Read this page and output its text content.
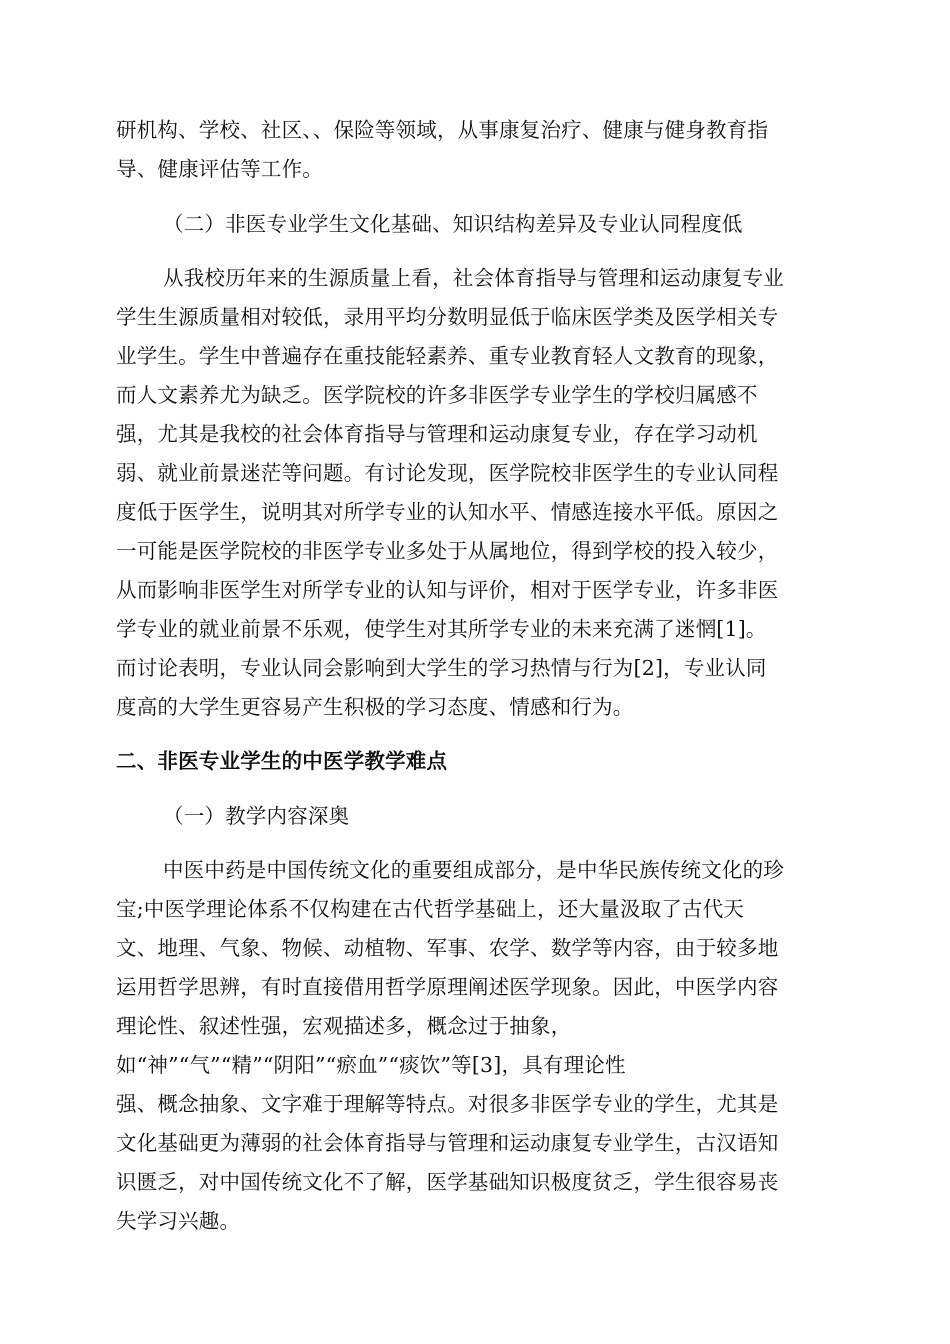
研机构、学校、社区、、保险等领域，从事康复治疗、健康与健身教育指
导、健康评估等工作。
（二）非医专业学生文化基础、知识结构差异及专业认同程度低
从我校历年来的生源质量上看，社会体育指导与管理和运动康复专业
学生生源质量相对较低，录用平均分数明显低于临床医学类及医学相关专
业学生。学生中普遍存在重技能轻素养、重专业教育轻人文教育的现象，
而人文素养尤为缺乏。医学院校的许多非医学专业学生的学校归属感不
强，尤其是我校的社会体育指导与管理和运动康复专业，存在学习动机
弱、就业前景迷茫等问题。有讨论发现，医学院校非医学生的专业认同程
度低于医学生，说明其对所学专业的认知水平、情感连接水平低。原因之
一可能是医学院校的非医学专业多处于从属地位，得到学校的投入较少，
从而影响非医学生对所学专业的认知与评价，相对于医学专业，许多非医
学专业的就业前景不乐观，使学生对其所学专业的未来充满了迷惘[1]。
而讨论表明，专业认同会影响到大学生的学习热情与行为[2]，专业认同
度高的大学生更容易产生积极的学习态度、情感和行为。
二、非医专业学生的中医学教学难点
（一）教学内容深奥
中医中药是中国传统文化的重要组成部分，是中华民族传统文化的珍
宝;中医学理论体系不仅构建在古代哲学基础上，还大量汲取了古代天
文、地理、气象、物候、动植物、军事、农学、数学等内容，由于较多地
运用哲学思辨，有时直接借用哲学原理阐述医学现象。因此，中医学内容
理论性、叙述性强，宏观描述多，概念过于抽象，
如“神”“气”“精”“阴阳”“瘀血”“痰饮”等[3]，具有理论性
强、概念抽象、文字难于理解等特点。对很多非医学专业的学生，尤其是
文化基础更为薄弱的社会体育指导与管理和运动康复专业学生，古汉语知
识匮乏，对中国传统文化不了解，医学基础知识极度贫乏，学生很容易丧
失学习兴趣。
